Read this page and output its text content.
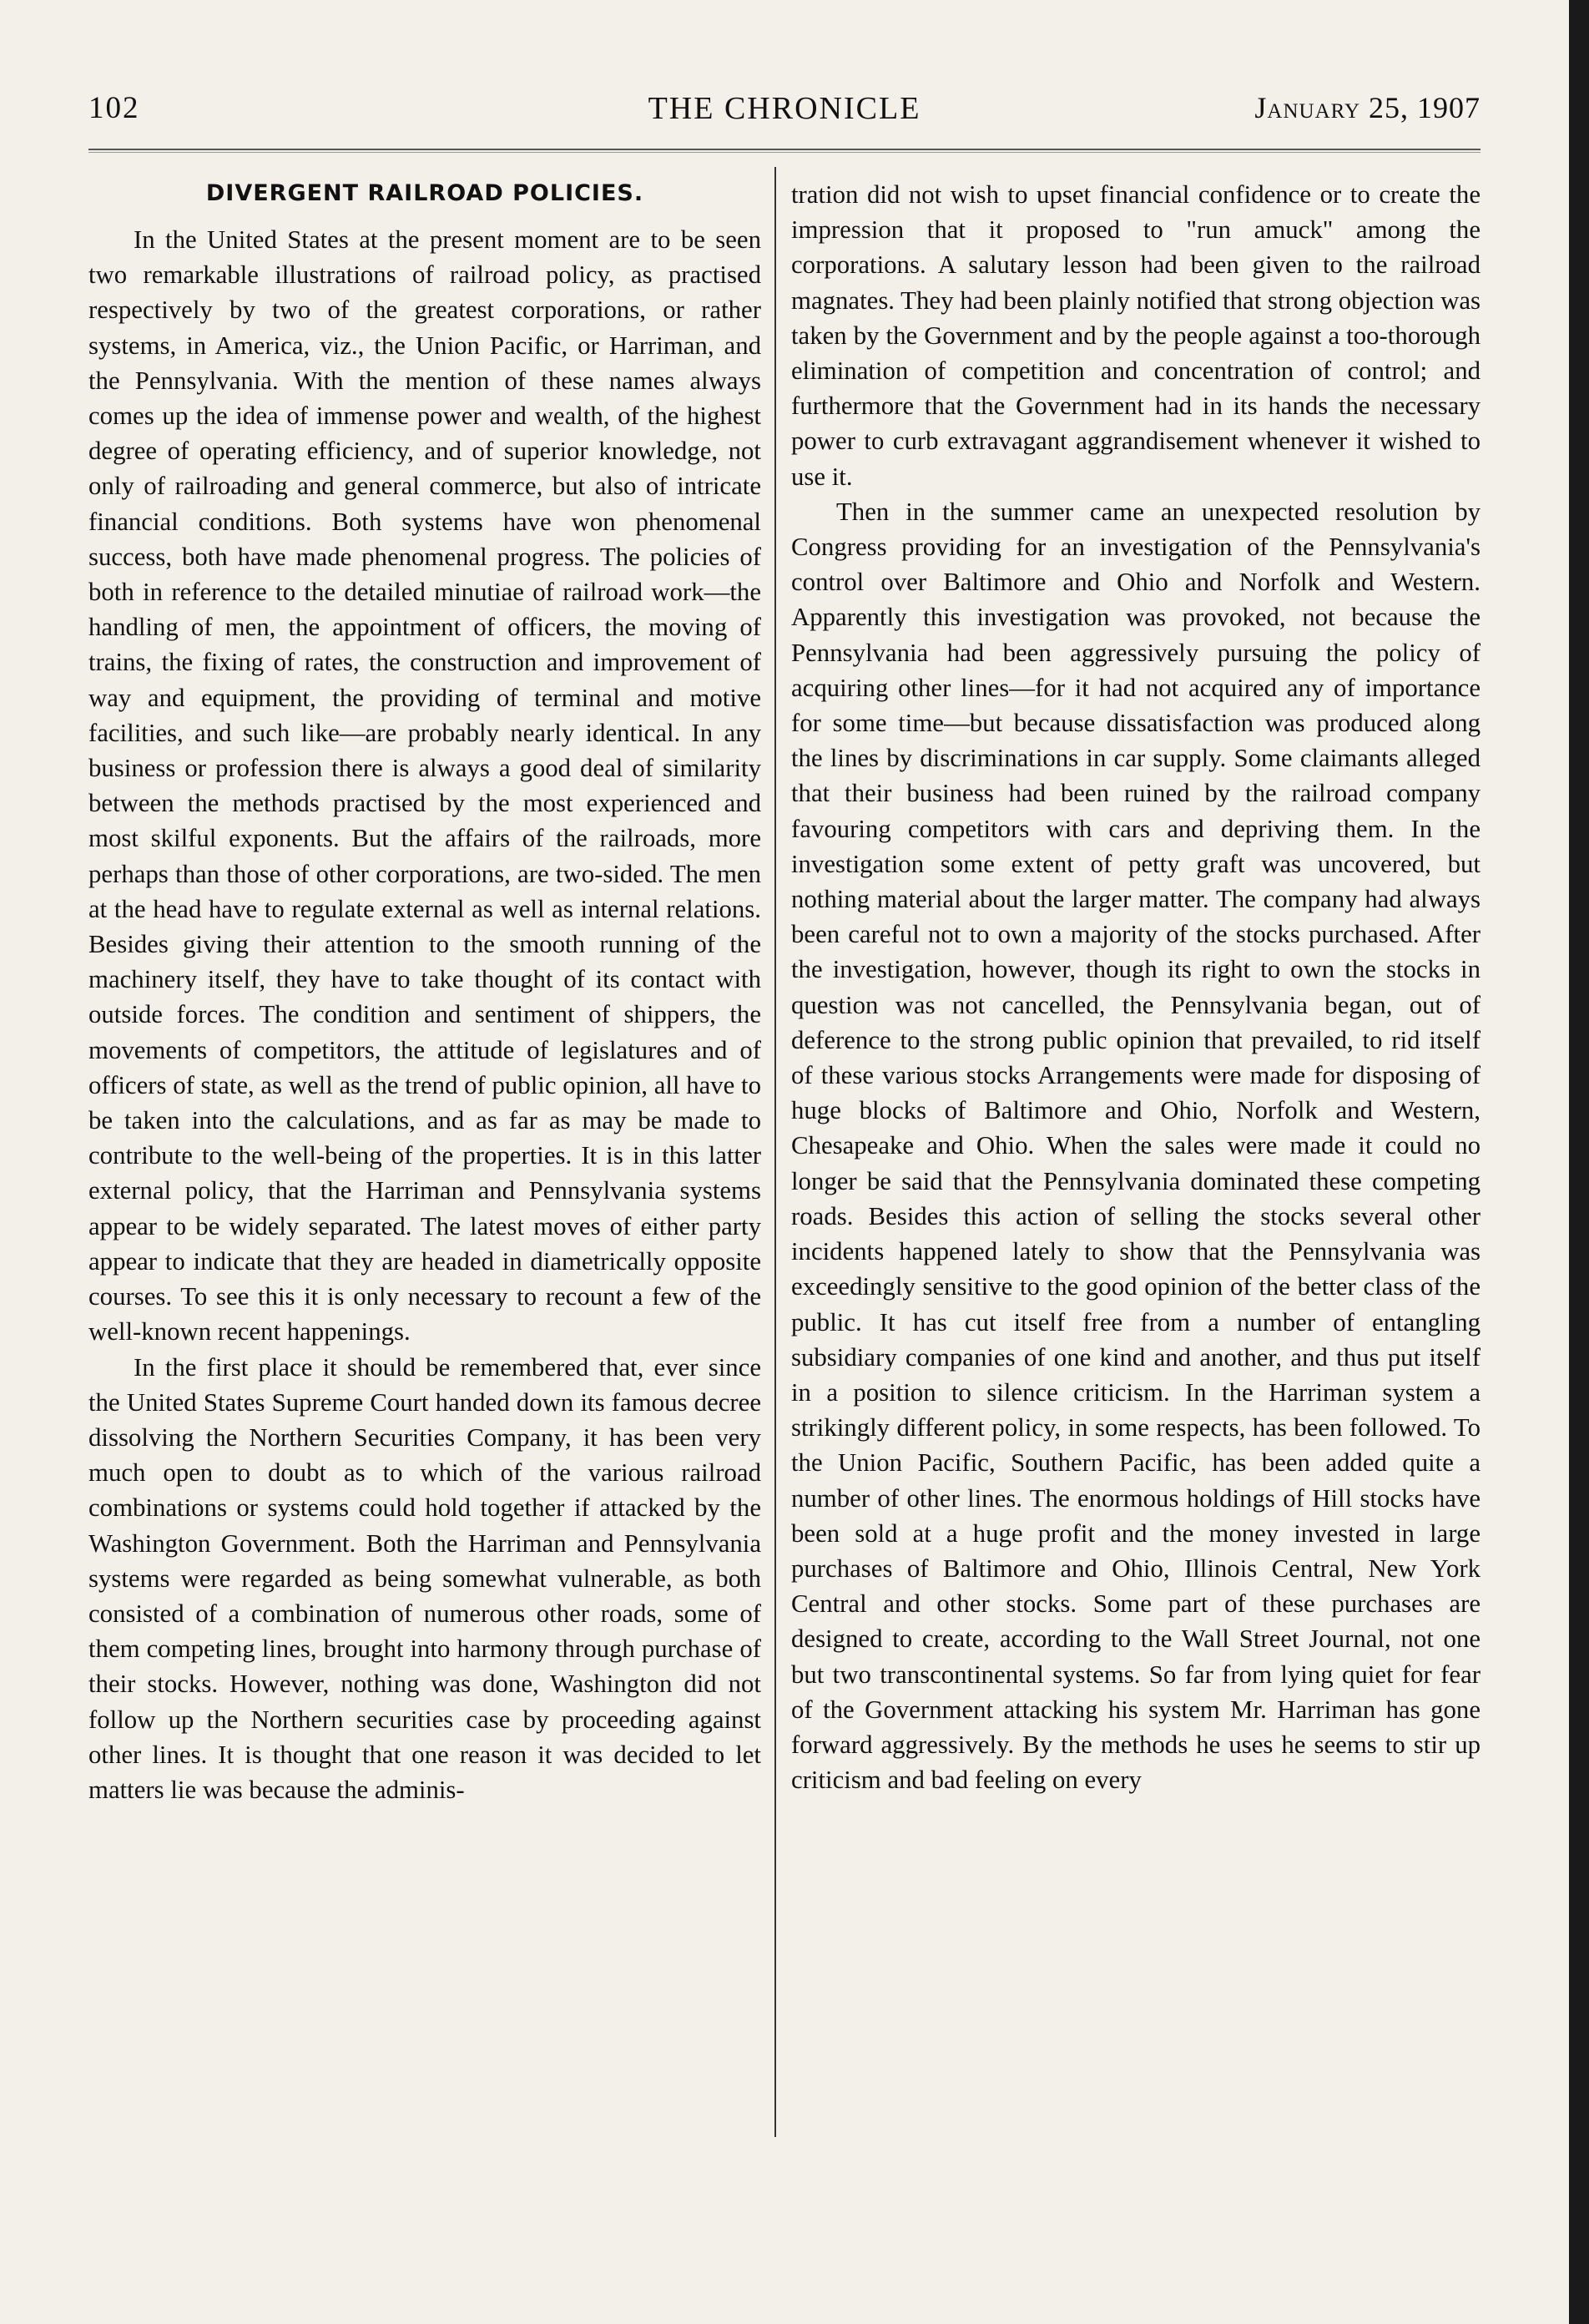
102	THE CHRONICLE	January 25, 1907
DIVERGENT RAILROAD POLICIES.

In the United States at the present moment are to be seen two remarkable illustrations of railroad policy, as practised respectively by two of the greatest corporations, or rather systems, in America, viz., the Union Pacific, or Harriman, and the Pennsylvania. With the mention of these names always comes up the idea of immense power and wealth, of the highest degree of operating efficiency, and of superior knowledge, not only of railroading and general commerce, but also of intricate financial conditions. Both systems have won phenomenal success, both have made phenomenal progress. The policies of both in reference to the detailed minutiae of railroad work—the handling of men, the appointment of officers, the moving of trains, the fixing of rates, the construction and improvement of way and equipment, the providing of terminal and motive facilities, and such like—are probably nearly identical. In any business or profession there is always a good deal of similarity between the methods practised by the most experienced and most skilful exponents. But the affairs of the railroads, more perhaps than those of other corporations, are two-sided. The men at the head have to regulate external as well as internal relations. Besides giving their attention to the smooth running of the machinery itself, they have to take thought of its contact with outside forces. The condition and sentiment of shippers, the movements of competitors, the attitude of legislatures and of officers of state, as well as the trend of public opinion, all have to be taken into the calculations, and as far as may be made to contribute to the well-being of the properties. It is in this latter external policy, that the Harriman and Pennsylvania systems appear to be widely separated. The latest moves of either party appear to indicate that they are headed in diametrically opposite courses. To see this it is only necessary to recount a few of the well-known recent happenings.

In the first place it should be remembered that, ever since the United States Supreme Court handed down its famous decree dissolving the Northern Securities Company, it has been very much open to doubt as to which of the various railroad combinations or systems could hold together if attacked by the Washington Government. Both the Harriman and Pennsylvania systems were regarded as being somewhat vulnerable, as both consisted of a combination of numerous other roads, some of them competing lines, brought into harmony through purchase of their stocks. However, nothing was done, Washington did not follow up the Northern securities case by proceeding against other lines. It is thought that one reason it was decided to let matters lie was because the adminis-

tration did not wish to upset financial confidence or to create the impression that it proposed to "run amuck" among the corporations. A salutary lesson had been given to the railroad magnates. They had been plainly notified that strong objection was taken by the Government and by the people against a too-thorough elimination of competition and concentration of control; and furthermore that the Government had in its hands the necessary power to curb extravagant aggrandisement whenever it wished to use it.

Then in the summer came an unexpected resolution by Congress providing for an investigation of the Pennsylvania's control over Baltimore and Ohio and Norfolk and Western. Apparently this investigation was provoked, not because the Pennsylvania had been aggressively pursuing the policy of acquiring other lines—for it had not acquired any of importance for some time—but because dissatisfaction was produced along the lines by discriminations in car supply. Some claimants alleged that their business had been ruined by the railroad company favouring competitors with cars and depriving them. In the investigation some extent of petty graft was uncovered, but nothing material about the larger matter. The company had always been careful not to own a majority of the stocks purchased. After the investigation, however, though its right to own the stocks in question was not cancelled, the Pennsylvania began, out of deference to the strong public opinion that prevailed, to rid itself of these various stocks Arrangements were made for disposing of huge blocks of Baltimore and Ohio, Norfolk and Western, Chesapeake and Ohio. When the sales were made it could no longer be said that the Pennsylvania dominated these competing roads. Besides this action of selling the stocks several other incidents happened lately to show that the Pennsylvania was exceedingly sensitive to the good opinion of the better class of the public. It has cut itself free from a number of entangling subsidiary companies of one kind and another, and thus put itself in a position to silence criticism. In the Harriman system a strikingly different policy, in some respects, has been followed. To the Union Pacific, Southern Pacific, has been added quite a number of other lines. The enormous holdings of Hill stocks have been sold at a huge profit and the money invested in large purchases of Baltimore and Ohio, Illinois Central, New York Central and other stocks. Some part of these purchases are designed to create, according to the Wall Street Journal, not one but two transcontinental systems. So far from lying quiet for fear of the Government attacking his system Mr. Harriman has gone forward aggressively. By the methods he uses he seems to stir up criticism and bad feeling on every
